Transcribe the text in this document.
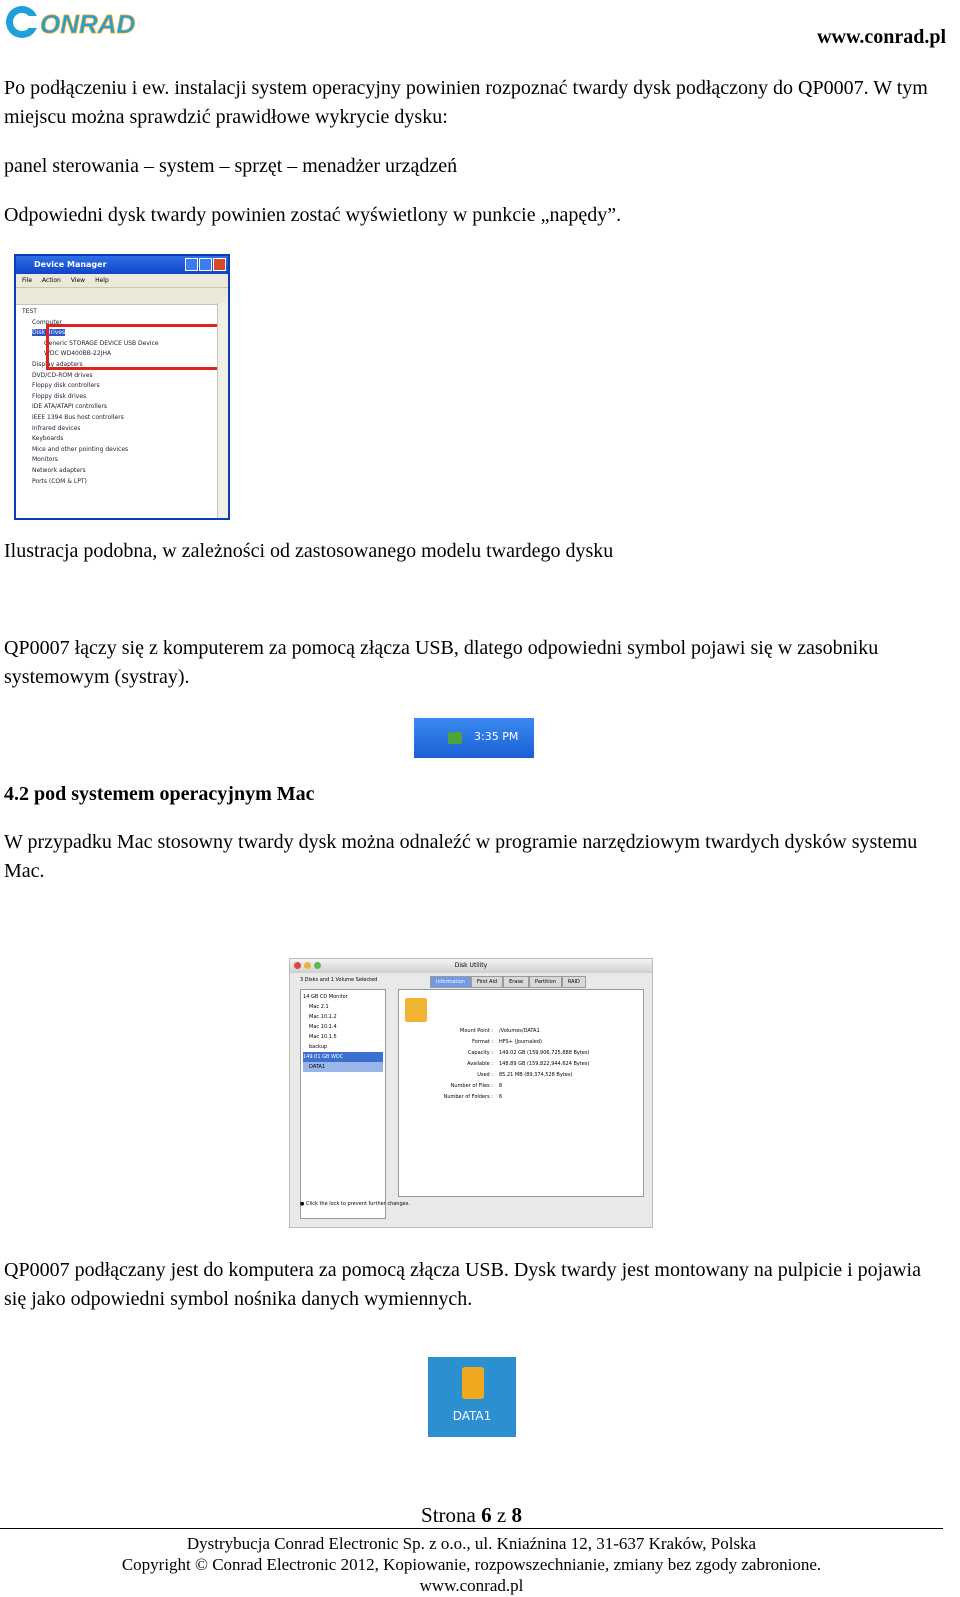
ONRAD	www.conrad.pl
Po podłączeniu i ew. instalacji system operacyjny powinien rozpoznać twardy dysk podłączony do QP0007. W tym miejscu można sprawdzić prawidłowe wykrycie dysku:
panel sterowania – system – sprzęt – menadżer urządzeń
Odpowiedni dysk twardy powinien zostać wyświetlony w punkcie „napędy”.
Device Manager
File Action View Help
TEST
Computer
Disk drives
Generic STORAGE DEVICE USB Device
WDC WD400BB-22JHA
Display adapters
DVD/CD-ROM drives
Floppy disk controllers
Floppy disk drives
IDE ATA/ATAPI controllers
IEEE 1394 Bus host controllers
Infrared devices
Keyboards
Mice and other pointing devices
Monitors
Network adapters
Ports (COM & LPT)
Ilustracja podobna, w zależności od zastosowanego modelu twardego dysku
QP0007 łączy się z komputerem za pomocą złącza USB, dlatego odpowiedni symbol pojawi się w zasobniku systemowym (systray).
3:35 PM
4.2 pod systemem operacyjnym Mac
W przypadku Mac stosowny twardy dysk można odnaleźć w programie narzędziowym twardych dysków systemu Mac.
Disk Utility
3 Disks and 1 Volume Selected
14 GB CD Monitor
Mac 2.1
Mac 10.1.2
Mac 10.1.4
Mac 10.1.5
backup
149.01 GB WDC
DATA1
Information	First Aid	Erase	Partition	RAID
Mount Point : /Volumes/DATA1
Format : HFS+ (Journaled)
Capacity : 149.02 GB (159,906,725,888 Bytes)
Available : 148.89 GB (159,822,944,624 Bytes)
Used : 85.21 MB (89,374,528 Bytes)
Number of Files : 8
Number of Folders : 6
● Click the lock to prevent further changes.
QP0007 podłączany jest do komputera za pomocą złącza USB. Dysk twardy jest montowany na pulpicie i pojawia się jako odpowiedni symbol nośnika danych wymiennych.
DATA1
Strona 6 z 8
Dystrybucja Conrad Electronic Sp. z o.o., ul. Kniaźnina 12, 31-637 Kraków, Polska
Copyright © Conrad Electronic 2012, Kopiowanie, rozpowszechnianie, zmiany bez zgody zabronione.
www.conrad.pl
